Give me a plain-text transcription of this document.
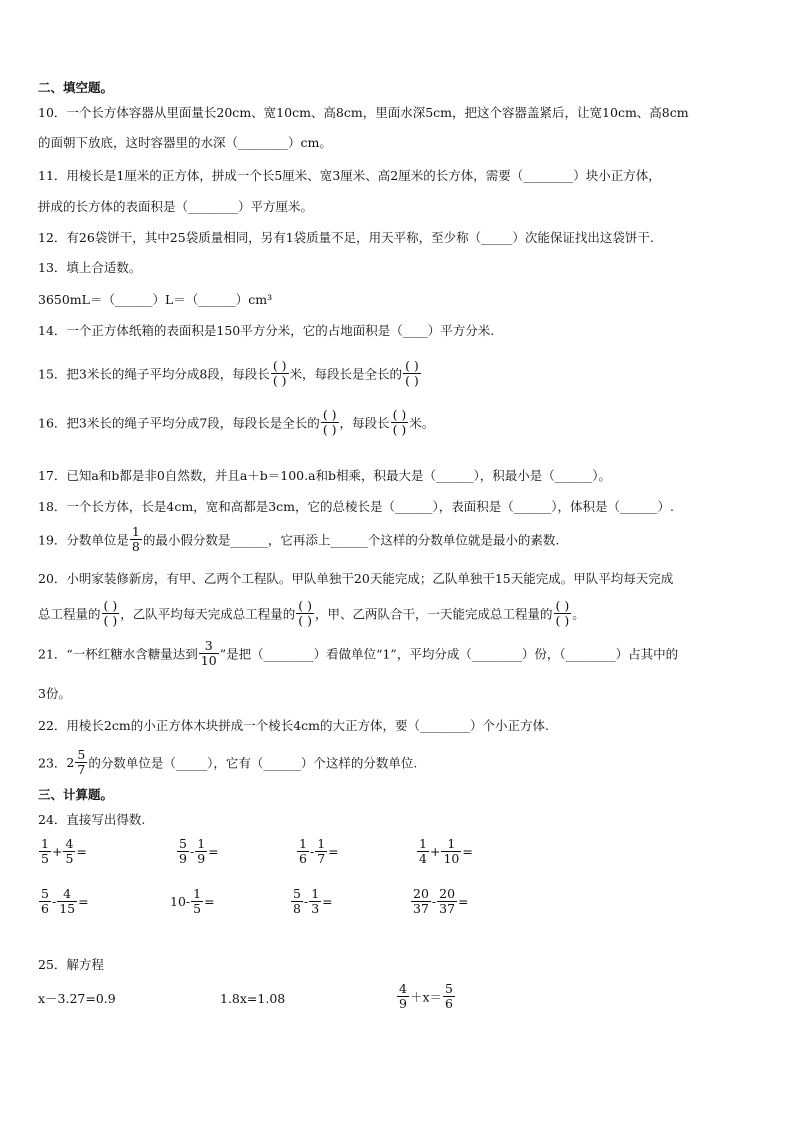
二、填空题。
10．一个长方体容器从里面量长20cm、宽10cm、高8cm，里面水深5cm，把这个容器盖紧后，让宽10cm、高8cm
的面朝下放底，这时容器里的水深（________）cm。
11．用棱长是1厘米的正方体，拼成一个长5厘米、宽3厘米、高2厘米的长方体，需要（________）块小正方体，
拼成的长方体的表面积是（________）平方厘米。
12．有26袋饼干，其中25袋质量相同，另有1袋质量不足，用天平称，至少称（_____）次能保证找出这袋饼干.
13．填上合适数。
3650mL＝（______）L＝（______）cm³
14．一个正方体纸箱的表面积是150平方分米，它的占地面积是（____）平方分米.
15．把3米长的绳子平均分成8段，每段长 $\frac{( )}{( )}$ 米，每段长是全长的 $\frac{( )}{( )}$
16．把3米长的绳子平均分成7段，每段长是全长的 $\frac{( )}{( )}$ ，每段长 $\frac{( )}{( )}$ 米。
17．已知a和b都是非0自然数，并且a＋b＝100.a和b相乘，积最大是（______），积最小是（______）。
18．一个长方体，长是4cm，宽和高都是3cm，它的总棱长是（______），表面积是（______），体积是（______）.
19．分数单位是 $\frac{1}{8}$ 的最小假分数是______，它再添上______个这样的分数单位就是最小的素数.
20．小明家装修新房，有甲、乙两个工程队。甲队单独干20天能完成；乙队单独干15天能完成。甲队平均每天完成
总工程量的 $\frac{( )}{( )}$ ，乙队平均每天完成总工程量的 $\frac{( )}{( )}$ ，甲、乙两队合干，一天能完成总工程量的 $\frac{( )}{( )}$ 。
21．“一杯红糖水含糖量达到 $\frac{3}{10}$ ”是把（________）看做单位“1”，平均分成（________）份，（________）占其中的
3份。
22．用棱长2cm的小正方体木块拼成一个棱长4cm的大正方体，要（________）个小正方体.
23．$2 \frac{5}{7}$ 的分数单位是（_____），它有（______）个这样的分数单位.
三、计算题。
24．直接写出得数.
$\frac{1}{5} + \frac{4}{5}$ =	$\frac{5}{9} - \frac{1}{9}$ =	$\frac{1}{6} - \frac{1}{7}$ =	$\frac{1}{4} + \frac{1}{10}$ =
$\frac{5}{6} - \frac{4}{15}$ =	$10- \frac{1}{5}$ =	$\frac{5}{8} - \frac{1}{3}$ =	$\frac{20}{37} - \frac{20}{37}$ =
25．解方程
x－3.27=0.9	1.8x=1.08	$\frac{4}{9} +x= \frac{5}{6}$
